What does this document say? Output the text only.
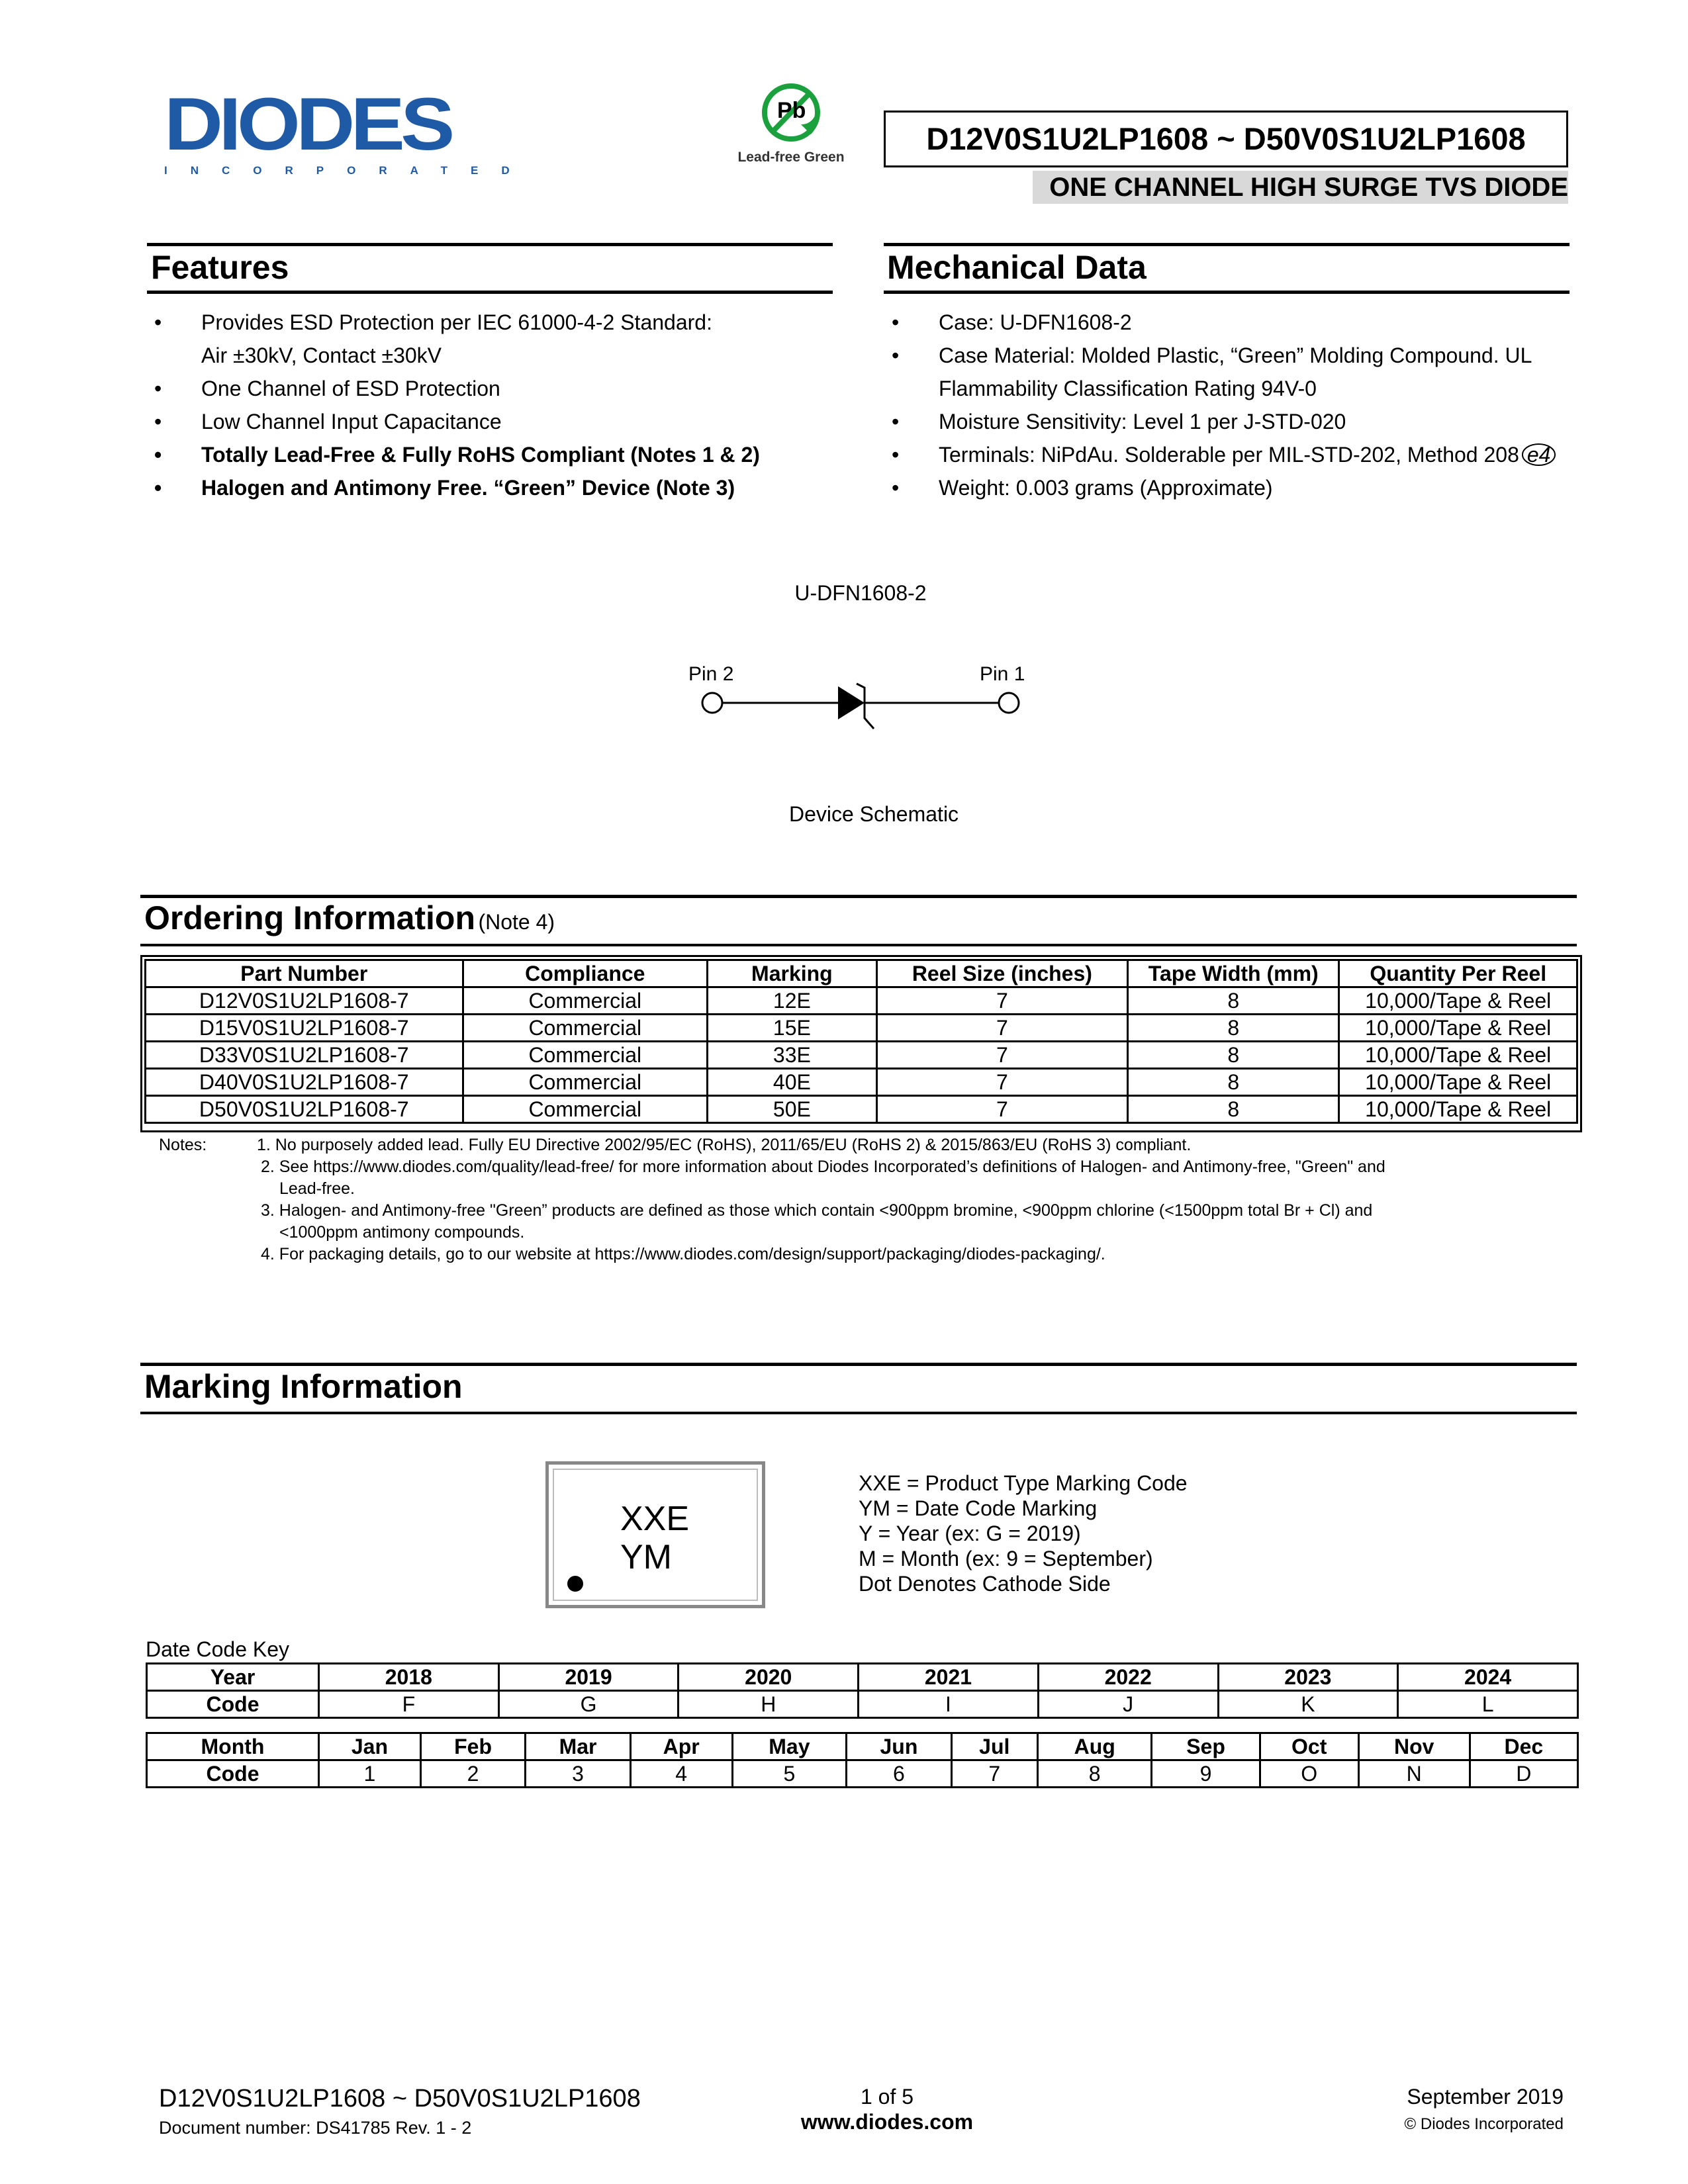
DIODES
INCORPORATED
Pb
Lead-free Green
D12V0S1U2LP1608 ~ D50V0S1U2LP1608
ONE CHANNEL HIGH SURGE TVS DIODE
Features
• Provides ESD Protection per IEC 61000-4-2 Standard:
Air ±30kV, Contact ±30kV
• One Channel of ESD Protection
• Low Channel Input Capacitance
• Totally Lead-Free & Fully RoHS Compliant (Notes 1 & 2)
• Halogen and Antimony Free. “Green” Device (Note 3)
Mechanical Data
• Case: U-DFN1608-2
• Case Material: Molded Plastic, “Green” Molding Compound. UL
Flammability Classification Rating 94V-0
• Moisture Sensitivity: Level 1 per J-STD-020
• Terminals: NiPdAu. Solderable per MIL-STD-202, Method 208 e4
• Weight: 0.003 grams (Approximate)
U-DFN1608-2
Pin 2	Pin 1
Device Schematic
Ordering Information (Note 4)
Part Number	Compliance	Marking	Reel Size (inches)	Tape Width (mm)	Quantity Per Reel
D12V0S1U2LP1608-7	Commercial	12E	7	8	10,000/Tape & Reel
D15V0S1U2LP1608-7	Commercial	15E	7	8	10,000/Tape & Reel
D33V0S1U2LP1608-7	Commercial	33E	7	8	10,000/Tape & Reel
D40V0S1U2LP1608-7	Commercial	40E	7	8	10,000/Tape & Reel
D50V0S1U2LP1608-7	Commercial	50E	7	8	10,000/Tape & Reel
Notes:	1. No purposely added lead. Fully EU Directive 2002/95/EC (RoHS), 2011/65/EU (RoHS 2) & 2015/863/EU (RoHS 3) compliant.
2. See https://www.diodes.com/quality/lead-free/ for more information about Diodes Incorporated’s definitions of Halogen- and Antimony-free, "Green" and
Lead-free.
3. Halogen- and Antimony-free "Green” products are defined as those which contain <900ppm bromine, <900ppm chlorine (<1500ppm total Br + Cl) and
<1000ppm antimony compounds.
4. For packaging details, go to our website at https://www.diodes.com/design/support/packaging/diodes-packaging/.
Marking Information
XXE
YM
XXE = Product Type Marking Code
YM = Date Code Marking
Y = Year (ex: G = 2019)
M = Month (ex: 9 = September)
Dot Denotes Cathode Side
Date Code Key
Year	2018	2019	2020	2021	2022	2023	2024
Code	F	G	H	I	J	K	L
Month	Jan	Feb	Mar	Apr	May	Jun	Jul	Aug	Sep	Oct	Nov	Dec
Code	1	2	3	4	5	6	7	8	9	O	N	D
D12V0S1U2LP1608 ~ D50V0S1U2LP1608
Document number: DS41785 Rev. 1 - 2
1 of 5
www.diodes.com
September 2019
© Diodes Incorporated
